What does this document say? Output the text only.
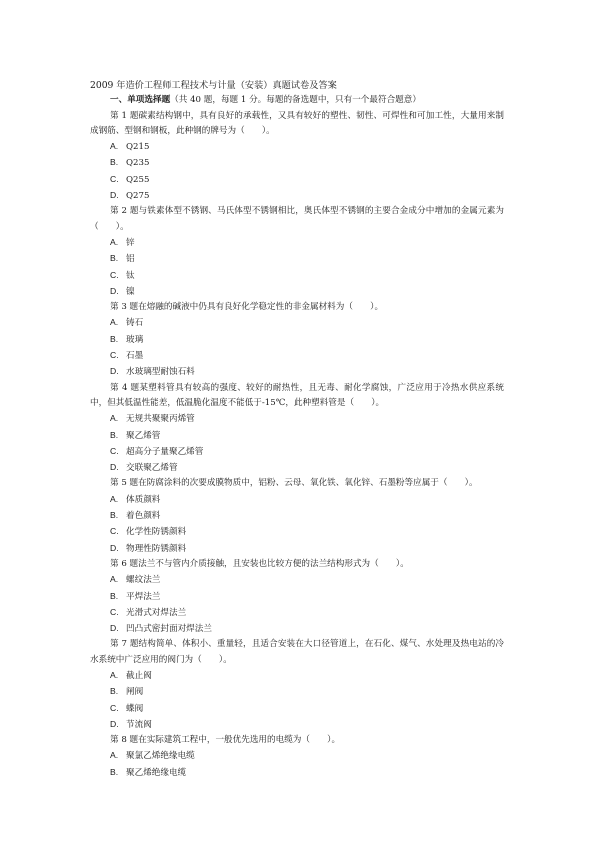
2009 年造价工程师工程技术与计量（安装）真题试卷及答案
一、单项选择题（共 40 题，每题 1 分。每题的备选题中，只有一个最符合题意）
第 1 题碳素结构钢中，具有良好的承载性，又具有较好的塑性、韧性、可焊性和可加工性，大量用来制成钢筋、型钢和钢板，此种钢的牌号为（　　）。
A. Q215
B. Q235
C. Q255
D. Q275
第 2 题与铁素体型不锈钢、马氏体型不锈钢相比，奥氏体型不锈钢的主要合金成分中增加的金属元素为（　　）。
A. 锌
B. 铝
C. 钛
D. 镍
第 3 题在熔融的碱液中仍具有良好化学稳定性的非金属材料为（　　）。
A. 铸石
B. 玻璃
C. 石墨
D. 水玻璃型耐蚀石料
第 4 题某塑料管具有较高的强度、较好的耐热性，且无毒、耐化学腐蚀，广泛应用于冷热水供应系统中，但其低温性能差，低温脆化温度不能低于-15℃，此种塑料管是（　　）。
A. 无规共聚聚丙烯管
B. 聚乙烯管
C. 超高分子量聚乙烯管
D. 交联聚乙烯管
第 5 题在防腐涂料的次要成膜物质中，铝粉、云母、氧化铁、氧化锌、石墨粉等应属于（　　）。
A. 体质颜料
B. 着色颜料
C. 化学性防锈颜料
D. 物理性防锈颜料
第 6 题法兰不与管内介质接触，且安装也比较方便的法兰结构形式为（　　）。
A. 螺纹法兰
B. 平焊法兰
C. 光滑式对焊法兰
D. 凹凸式密封面对焊法兰
第 7 题结构简单、体积小、重量轻，且适合安装在大口径管道上，在石化、煤气、水处理及热电站的冷水系统中广泛应用的阀门为（　　）。
A. 截止阀
B. 闸阀
C. 蝶阀
D. 节流阀
第 8 题在实际建筑工程中，一般优先选用的电缆为（　　）。
A. 聚氯乙烯绝缘电缆
B. 聚乙烯绝缘电缆
